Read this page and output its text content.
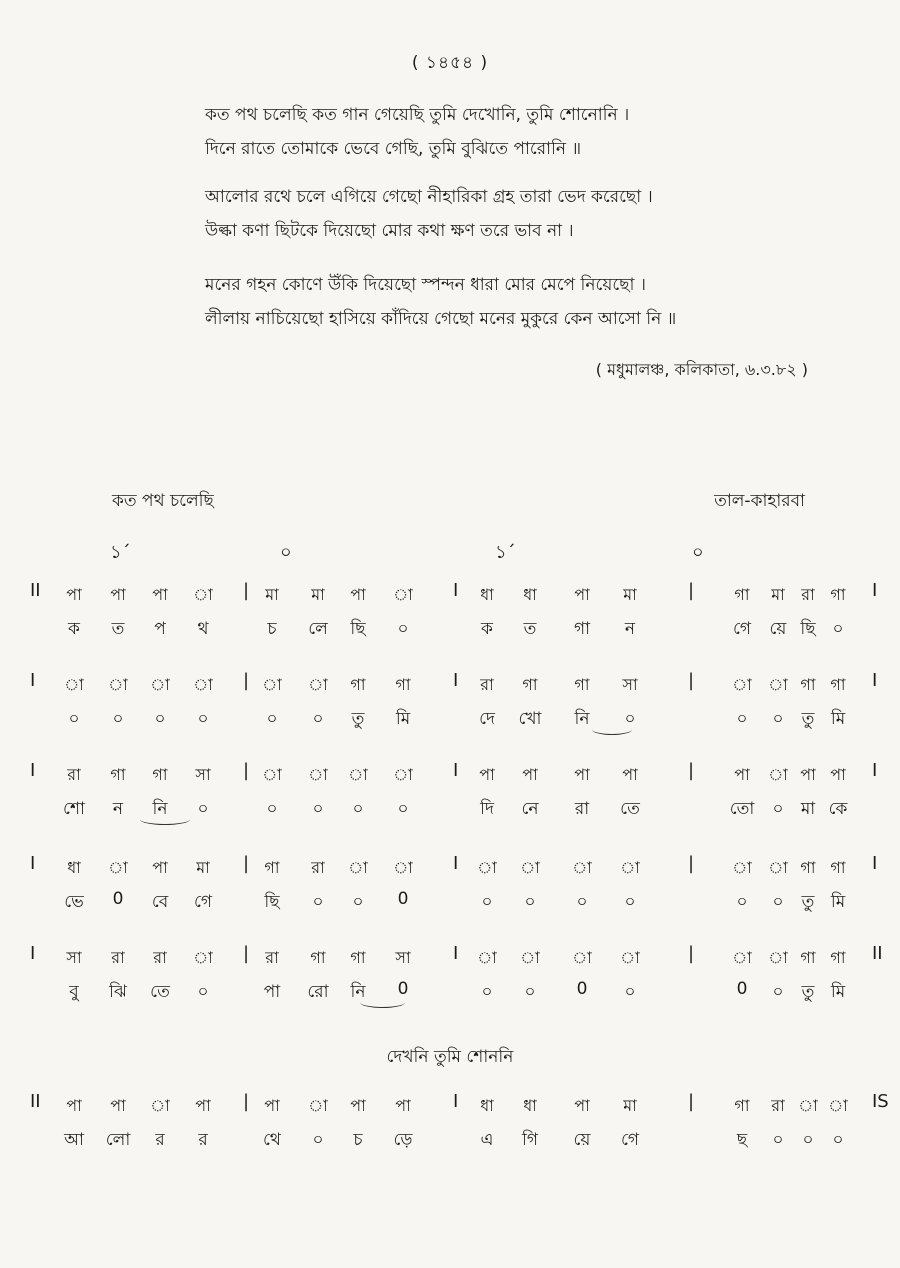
( ১৪৫৪ )
কত পথ চলেছি কত গান গেয়েছি তুমি দেখোনি, তুমি শোনোনি ।
দিনে রাতে তোমাকে ভেবে গেছি, তুমি বুঝিতে পারোনি ॥
আলোর রথে চলে এগিয়ে গেছো নীহারিকা গ্রহ তারা ভেদ করেছো ।
উল্কা কণা ছিটকে দিয়েছো মোর কথা ক্ষণ তরে ভাব না ।
মনের গহন কোণে উঁকি দিয়েছো স্পন্দন ধারা মোর মেপে নিয়েছো ।
লীলায় নাচিয়েছো হাসিয়ে কাঁদিয়ে গেছো মনের মুকুরে কেন আসো নি ॥
( মধুমালঞ্চ, কলিকাতা, ৬.৩.৮২ )
কত পথ চলেছি	তাল-কাহারবা
১´	০	১´	০
II	পা	পা	পা	া	|	মা	মা	পা	া	I	ধা	ধা	পা	মা	|	গা	মা	রা গা	I
ক	ত	প	থ	চ	লে	ছি	০	ক	ত	গা	ন	গে	য়ে ছি ০
I	া	া	া	া	| া	া	গা	গা	I	রা	গা	গা	সা	|	া	া গা গা	I
০	০	০	০	০	০	তু	মি	দে	খো	নি	০	০	০	তু মি
I	রা	গা	গা	সা	| া	া	া	া	I	পা	পা	পা	পা	|	পা	া পা পা	I
শো	ন	নি	০	০	০	০	০	দি	নে	রা	তে	তো	০	মা কে
I	ধা	া	পা	মা	| গা	রা	া	া	I	া	া	া	া	|	া	া গা গা	I
ভে	0	বে	গে	ছি	০	০	0	০	০	০	০	০	০	তু মি
I	সা	রা	রা	া	|	রা	গা	গা	সা	I	া	া	া	া	|	া	া গা গা	II
বু	ঝি	তে	০	পা	রো	নি	0	০	০	0	০	0	০	তু মি
II	পা	পা	া	পা	| পা	া	পা	পা	I	ধা	ধা	পা	মা	|	গা	রা া া	IS
আ	লো	র	র	থে	০	চ	ড়ে	এ	গি	য়ে	গে	ছ	০	০	০
দেখনি তুমি শোননি
